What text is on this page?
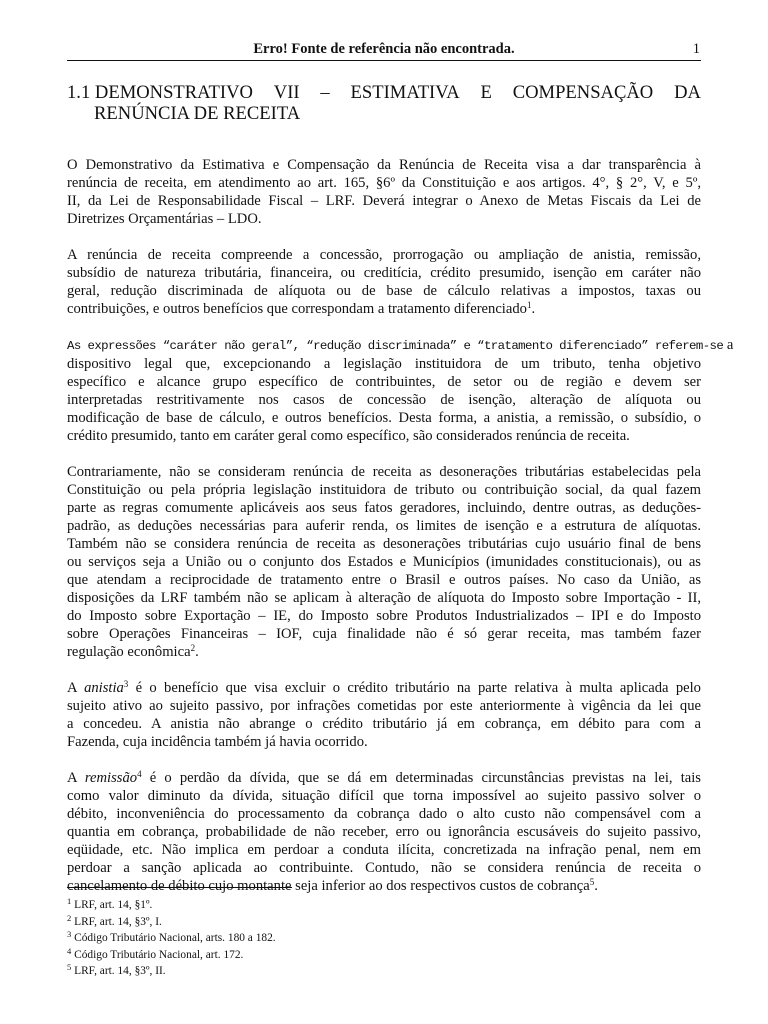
Erro! Fonte de referência não encontrada.	1
1.1 DEMONSTRATIVO VII – ESTIMATIVA E COMPENSAÇÃO DA
RENÚNCIA DE RECEITA
O Demonstrativo da Estimativa e Compensação da Renúncia de Receita visa a dar transparência à
renúncia de receita, em atendimento ao art. 165, §6º da Constituição e aos artigos. 4°, § 2°, V, e 5º,
II, da Lei de Responsabilidade Fiscal – LRF. Deverá integrar o Anexo de Metas Fiscais da Lei de
Diretrizes Orçamentárias – LDO.
A renúncia de receita compreende a concessão, prorrogação ou ampliação de anistia, remissão,
subsídio de natureza tributária, financeira, ou creditícia, crédito presumido, isenção em caráter não
geral, redução discriminada de alíquota ou de base de cálculo relativas a impostos, taxas ou
contribuições, e outros benefícios que correspondam a tratamento diferenciado$^1$.
As expressões “caráter não geral”, “redução discriminada” e “tratamento diferenciado” referem-se a
dispositivo legal que, excepcionando a legislação instituidora de um tributo, tenha objetivo
específico e alcance grupo específico de contribuintes, de setor ou de região e devem ser
interpretadas restritivamente nos casos de concessão de isenção, alteração de alíquota ou
modificação de base de cálculo, e outros benefícios. Desta forma, a anistia, a remissão, o subsídio, o
crédito presumido, tanto em caráter geral como específico, são considerados renúncia de receita.
Contrariamente, não se consideram renúncia de receita as desonerações tributárias estabelecidas pela
Constituição ou pela própria legislação instituidora de tributo ou contribuição social, da qual fazem
parte as regras comumente aplicáveis aos seus fatos geradores, incluindo, dentre outras, as deduções-
padrão, as deduções necessárias para auferir renda, os limites de isenção e a estrutura de alíquotas.
Também não se considera renúncia de receita as desonerações tributárias cujo usuário final de bens
ou serviços seja a União ou o conjunto dos Estados e Municípios (imunidades constitucionais), ou as
que atendam a reciprocidade de tratamento entre o Brasil e outros países. No caso da União, as
disposições da LRF também não se aplicam à alteração de alíquota do Imposto sobre Importação - II,
do Imposto sobre Exportação – IE, do Imposto sobre Produtos Industrializados – IPI e do Imposto
sobre Operações Financeiras – IOF, cuja finalidade não é só gerar receita, mas também fazer
regulação econômica$^2$.
A anistia$^3$ é o benefício que visa excluir o crédito tributário na parte relativa à multa aplicada pelo
sujeito ativo ao sujeito passivo, por infrações cometidas por este anteriormente à vigência da lei que
a concedeu. A anistia não abrange o crédito tributário já em cobrança, em débito para com a
Fazenda, cuja incidência também já havia ocorrido.
A remissão$^4$ é o perdão da dívida, que se dá em determinadas circunstâncias previstas na lei, tais
como valor diminuto da dívida, situação difícil que torna impossível ao sujeito passivo solver o
débito, inconveniência do processamento da cobrança dado o alto custo não compensável com a
quantia em cobrança, probabilidade de não receber, erro ou ignorância escusáveis do sujeito passivo,
eqüidade, etc. Não implica em perdoar a conduta ilícita, concretizada na infração penal, nem em
perdoar a sanção aplicada ao contribuinte. Contudo, não se considera renúncia de receita o
cancelamento de débito cujo montante seja inferior ao dos respectivos custos de cobrança$^5$.
$^1$ LRF, art. 14, §1º.
$^2$ LRF, art. 14, §3º, I.
$^3$ Código Tributário Nacional, arts. 180 a 182.
$^4$ Código Tributário Nacional, art. 172.
$^5$ LRF, art. 14, §3º, II.
